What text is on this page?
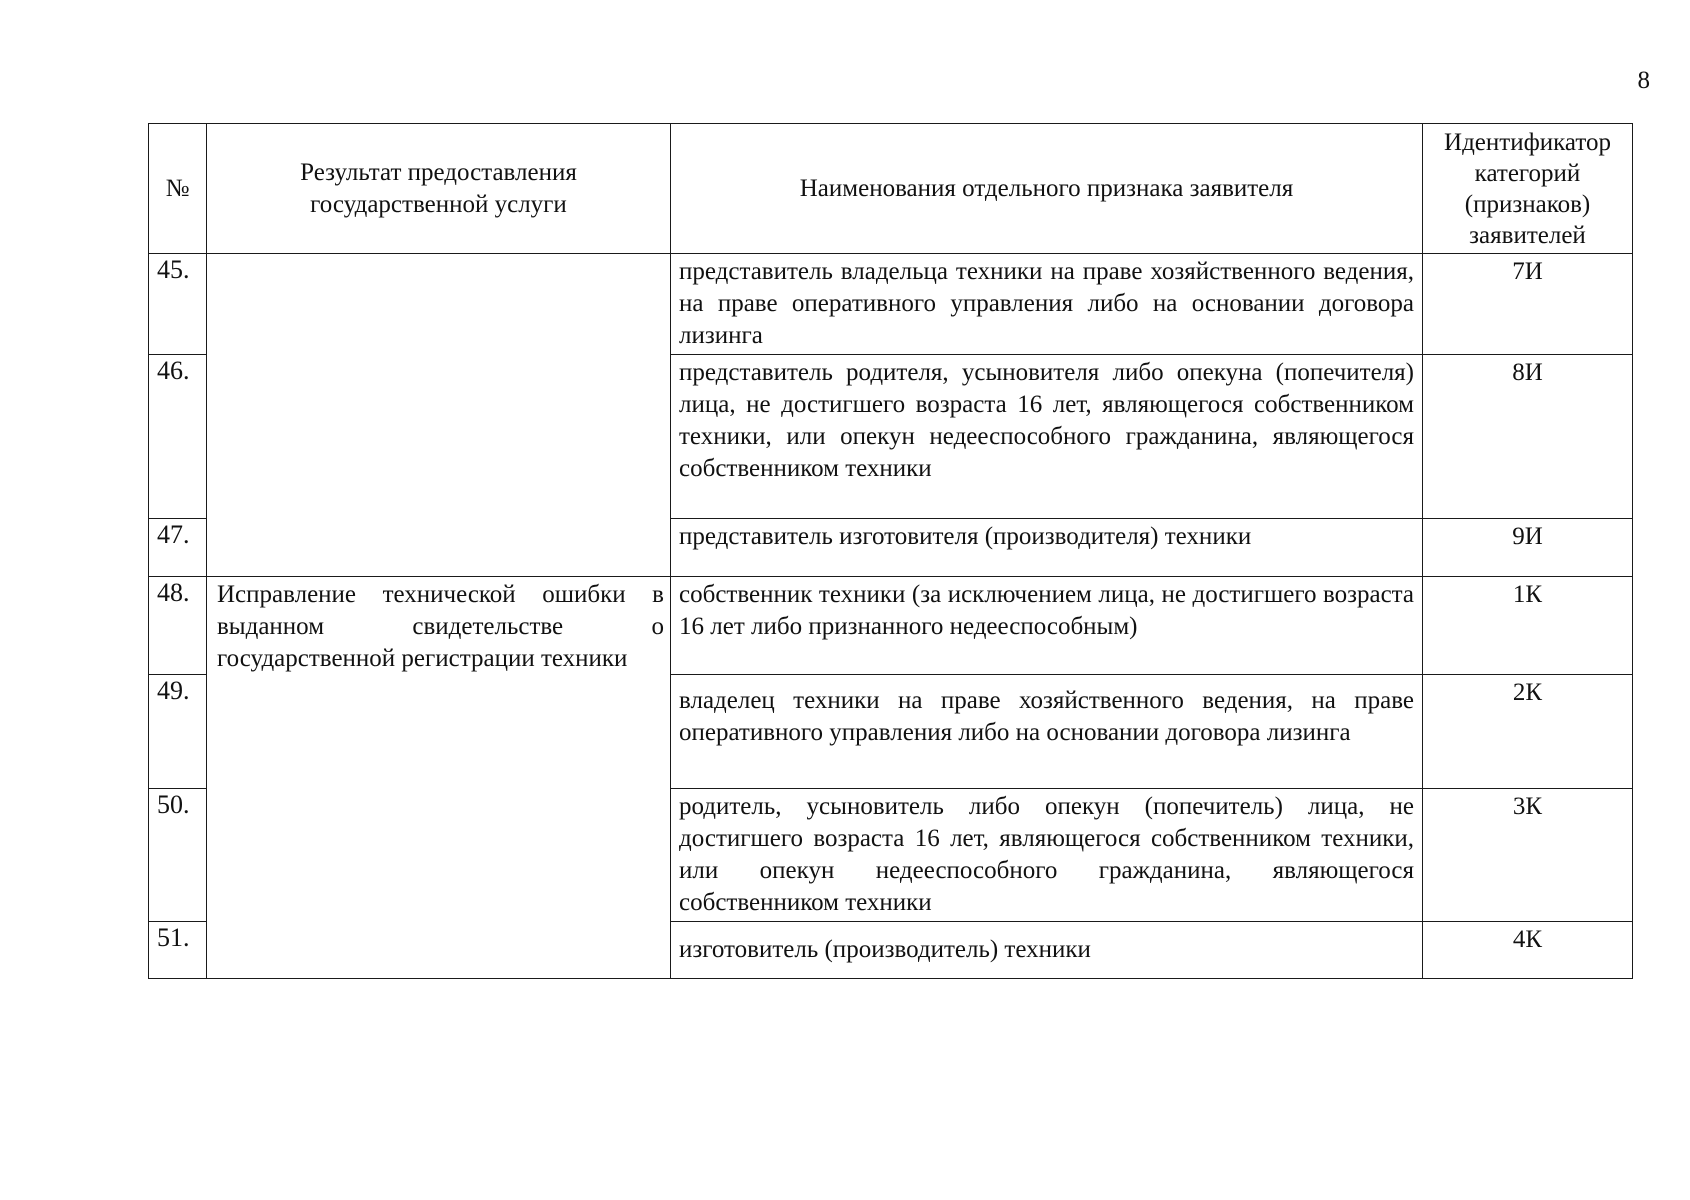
8
№	Результат предоставления государственной услуги	Наименования отдельного признака заявителя	Идентификатор категорий (признаков) заявителей
45.		представитель владельца техники на праве хозяйственного ведения, на праве оперативного управления либо на основании договора лизинга	7И
46.		представитель родителя, усыновителя либо опекуна (попечителя) лица, не достигшего возраста 16 лет, являющегося собственником техники, или опекун недееспособного гражданина, являющегося собственником техники	8И
47.		представитель изготовителя (производителя) техники	9И
48.	Исправление технической ошибки в выданном свидетельстве о государственной регистрации техники	собственник техники (за исключением лица, не достигшего возраста 16 лет либо признанного недееспособным)	1К
49.		владелец техники на праве хозяйственного ведения, на праве оперативного управления либо на основании договора лизинга	2К
50.		родитель, усыновитель либо опекун (попечитель) лица, не достигшего возраста 16 лет, являющегося собственником техники, или опекун недееспособного гражданина, являющегося собственником техники	3К
51.		изготовитель (производитель) техники	4К
